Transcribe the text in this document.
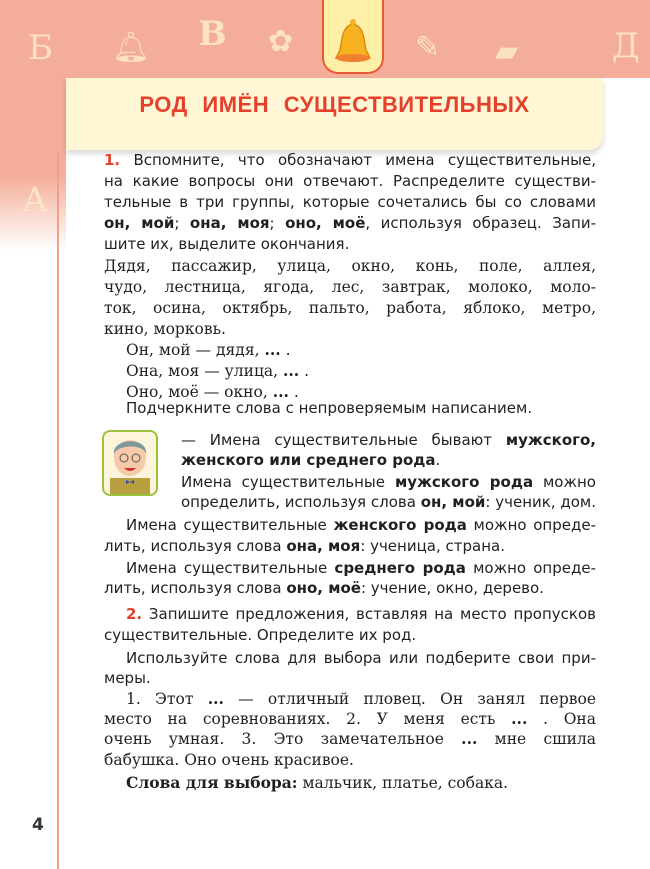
Б	В
А
Д
🔔︎	✿	✎ ▰
РОД ИМЁН СУЩЕСТВИТЕЛЬНЫХ
1. Вспомните, что обозначают имена существительные,
на какие вопросы они отвечают. Распределите существи-
тельные в три группы, которые сочетались бы со словами
он, мой; она, моя; оно, моё, используя образец. Запи-
шите их, выделите окончания.
Дядя, пассажир, улица, окно, конь, поле, аллея,
чудо, лестница, ягода, лес, завтрак, молоко, моло-
ток, осина, октябрь, пальто, работа, яблоко, метро,
кино, морковь.
Он, мой — дядя, ... .
Она, моя — улица, ... .
Оно, моё — окно, ... .
Подчеркните слова с непроверяемым написанием.
— Имена существительные бывают мужского,
женского или среднего рода.
Имена существительные мужского рода можно
определить, используя слова он, мой: ученик, дом.
Имена существительные женского рода можно опреде-
лить, используя слова она, моя: ученица, страна.
Имена существительные среднего рода можно опреде-
лить, используя слова оно, моё: учение, окно, дерево.
2. Запишите предложения, вставляя на место пропусков
существительные. Определите их род.
Используйте слова для выбора или подберите свои при-
меры.
1. Этот ... — отличный пловец. Он занял первое
место на соревнованиях. 2. У меня есть ... . Она
очень умная. 3. Это замечательное ... мне сшила
бабушка. Оно очень красивое.
Слова для выбора: мальчик, платье, собака.
4
